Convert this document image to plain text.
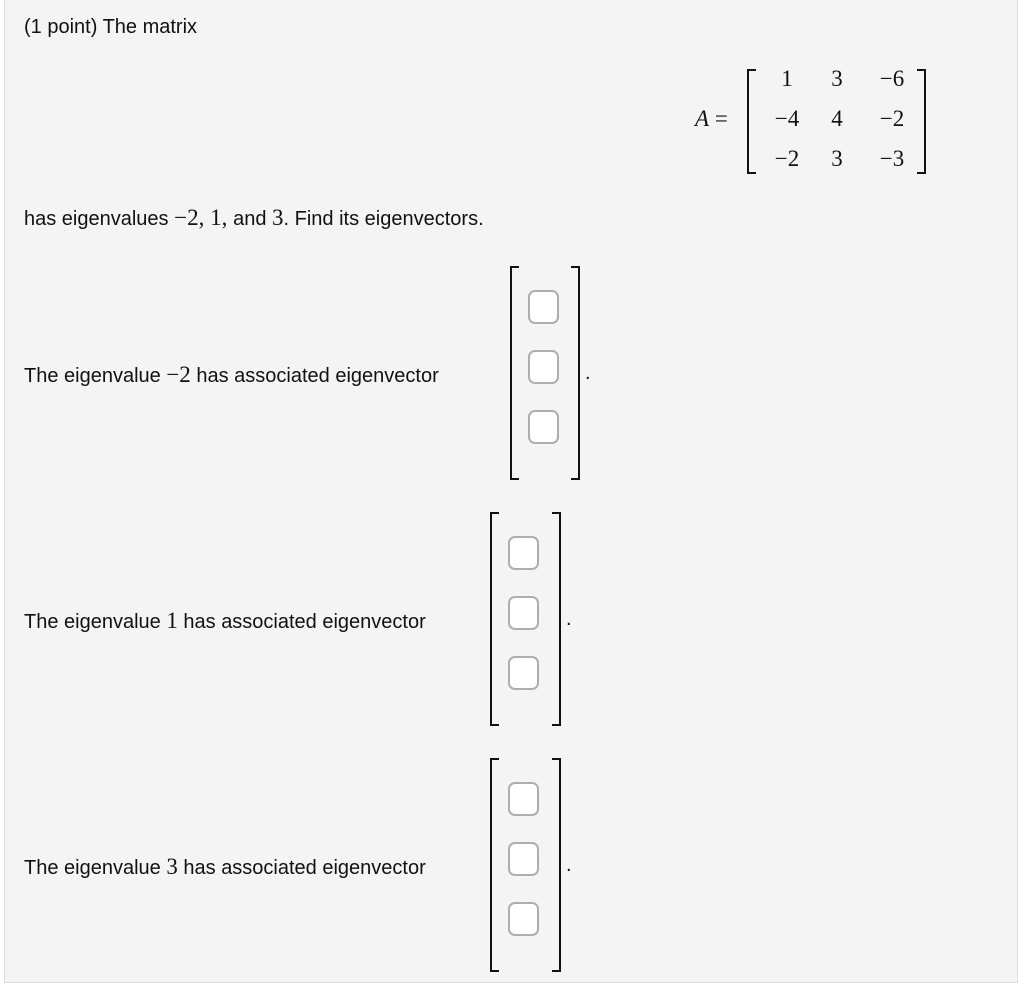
(1 point) The matrix
A =
1	3	−6
−4	4	−2
−2	3	−3
has eigenvalues −2, 1, and 3. Find its eigenvectors.
The eigenvalue −2 has associated eigenvector	.
The eigenvalue 1 has associated eigenvector	.
The eigenvalue 3 has associated eigenvector	.
